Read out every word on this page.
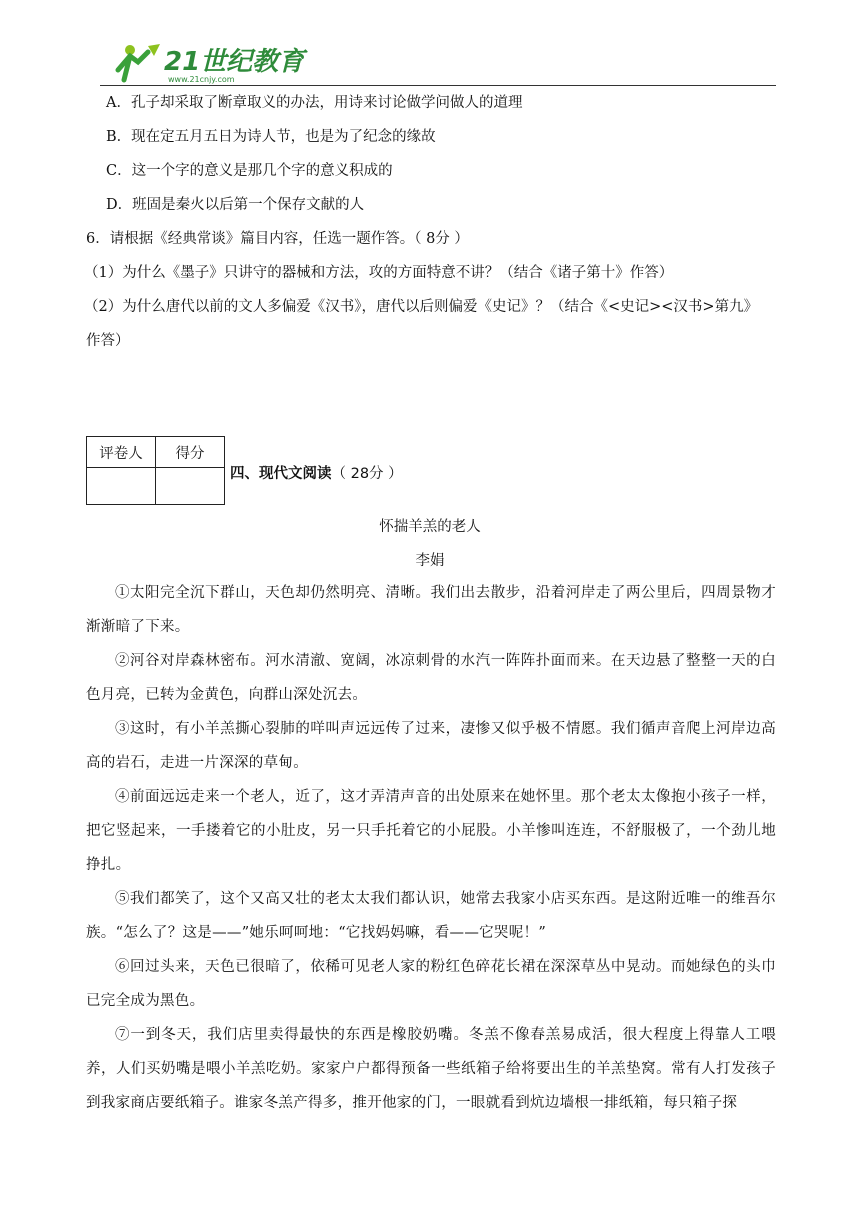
21世纪教育
www.21cnjy.com
A．孔子却采取了断章取义的办法，用诗来讨论做学问做人的道理
B．现在定五月五日为诗人节，也是为了纪念的缘故
C．这一个字的意义是那几个字的意义积成的
D．班固是秦火以后第一个保存文献的人
6．请根据《经典常谈》篇目内容，任选一题作答。（ 8分 ）
（1）为什么《墨子》只讲守的器械和方法，攻的方面特意不讲？（结合《诸子第十》作答）
（2）为什么唐代以前的文人多偏爱《汉书》，唐代以后则偏爱《史记》？（结合《<史记><汉书>第九》
作答）
评卷人	得分

四、现代文阅读（ 28分 ）
怀揣羊羔的老人
李娟
①太阳完全沉下群山，天色却仍然明亮、清晰。我们出去散步，沿着河岸走了两公里后，四周景物才渐渐暗了下来。
②河谷对岸森林密布。河水清澈、宽阔，冰凉刺骨的水汽一阵阵扑面而来。在天边悬了整整一天的白色月亮，已转为金黄色，向群山深处沉去。
③这时，有小羊羔撕心裂肺的咩叫声远远传了过来，凄惨又似乎极不情愿。我们循声音爬上河岸边高高的岩石，走进一片深深的草甸。
④前面远远走来一个老人，近了，这才弄清声音的出处原来在她怀里。那个老太太像抱小孩子一样，把它竖起来，一手搂着它的小肚皮，另一只手托着它的小屁股。小羊惨叫连连，不舒服极了，一个劲儿地挣扎。
⑤我们都笑了，这个又高又壮的老太太我们都认识，她常去我家小店买东西。是这附近唯一的维吾尔族。“怎么了？这是——”她乐呵呵地：“它找妈妈嘛，看——它哭呢！”
⑥回过头来，天色已很暗了，依稀可见老人家的粉红色碎花长裙在深深草丛中晃动。而她绿色的头巾已完全成为黑色。
⑦一到冬天，我们店里卖得最快的东西是橡胶奶嘴。冬羔不像春羔易成活，很大程度上得靠人工喂养，人们买奶嘴是喂小羊羔吃奶。家家户户都得预备一些纸箱子给将要出生的羊羔垫窝。常有人打发孩子到我家商店要纸箱子。谁家冬羔产得多，推开他家的门，一眼就看到炕边墙根一排纸箱，每只箱子探
